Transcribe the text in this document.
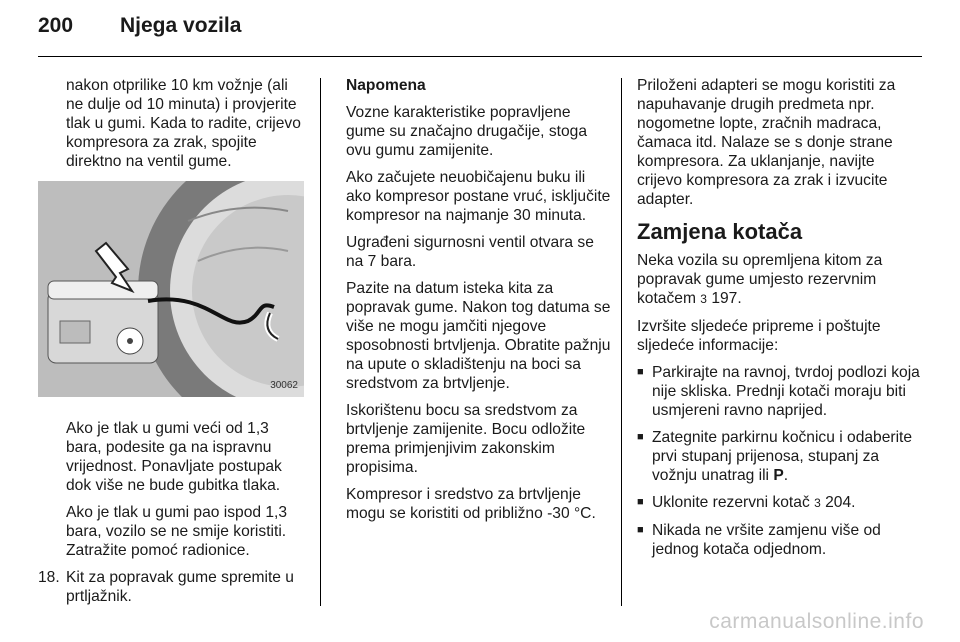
200	Njega vozila

nakon otprilike 10 km vožnje (ali ne dulje od 10 minuta) i provjerite tlak u gumi. Kada to radite, crijevo kompresora za zrak, spojite direktno na ventil gume.

30062

Ako je tlak u gumi veći od 1,3 bara, podesite ga na ispravnu vrijednost. Ponavljate postupak dok više ne bude gubitka tlaka.

Ako je tlak u gumi pao ispod 1,3 bara, vozilo se ne smije koristiti. Zatražite pomoć radionice.

18. Kit za popravak gume spremite u prtljažnik.

Napomena

Vozne karakteristike popravljene gume su značajno drugačije, stoga ovu gumu zamijenite.

Ako začujete neuobičajenu buku ili ako kompresor postane vruć, isključite kompresor na najmanje 30 minuta.

Ugrađeni sigurnosni ventil otvara se na 7 bara.

Pazite na datum isteka kita za popravak gume. Nakon tog datuma se više ne mogu jamčiti njegove sposobnosti brtvljenja. Obratite pažnju na upute o skladištenju na boci sa sredstvom za brtvljenje.

Iskorištenu bocu sa sredstvom za brtvljenje zamijenite. Bocu odložite prema primjenjivim zakonskim propisima.

Kompresor i sredstvo za brtvljenje mogu se koristiti od približno -30 °C.

Priloženi adapteri se mogu koristiti za napuhavanje drugih predmeta npr. nogometne lopte, zračnih madraca, čamaca itd. Nalaze se s donje strane kompresora. Za uklanjanje, navijte crijevo kompresora za zrak i izvucite adapter.

Zamjena kotača

Neka vozila su opremljena kitom za popravak gume umjesto rezervnim kotačem 3 197.

Izvršite sljedeće pripreme i poštujte sljedeće informacije:

■ Parkirajte na ravnoj, tvrdoj podlozi koja nije skliska. Prednji kotači moraju biti usmjereni ravno naprijed.
■ Zategnite parkirnu kočnicu i odaberite prvi stupanj prijenosa, stupanj za vožnju unatrag ili P.
■ Uklonite rezervni kotač 3 204.
■ Nikada ne vršite zamjenu više od jednog kotača odjednom.
carmanualsonline.info
